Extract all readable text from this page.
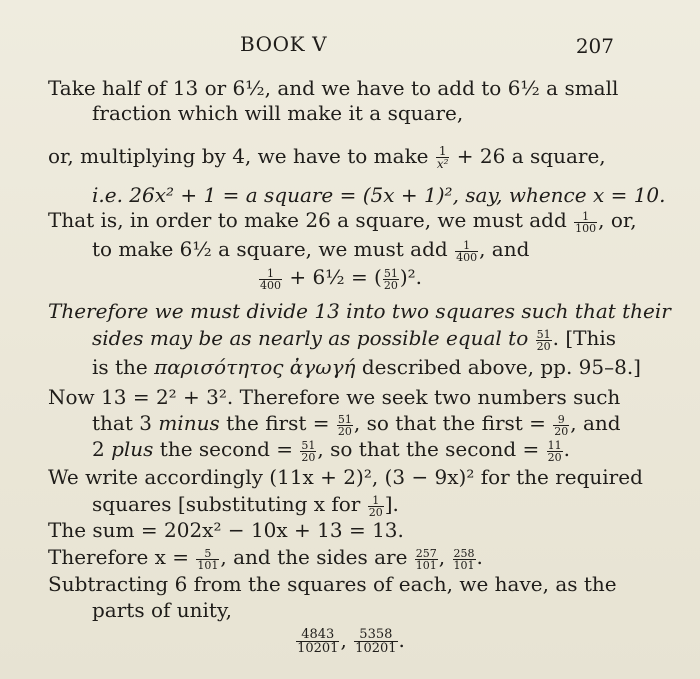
BOOK V	207
Take half of 13 or 6½, and we have to add to 6½ a small
fraction which will make it a square,
or, multiplying by 4, we have to make $\frac{1}{\text{x²}} + 26$ a square,
i.e. 26x² + 1 = a square = (5x + 1)², say, whence x = 10.
That is, in order to make 26 a square, we must add $\frac{1}{100}$ , or,
to make 6½ a square, we must add $\frac{1}{400}$ , and
$\frac{1}{400}$ + 6½ = ( $\frac{51}{20} )^2$.
Therefore we must divide 13 into two squares such that their
sides may be as nearly as possible equal to $\frac{51}{20}$ . [This
is the παρισότητος ἀγωγή described above, pp. 95–8.]
Now 13 = 2² + 3². Therefore we seek two numbers such
that 3 minus the first = $\frac{51}{20}$ , so that the first = $\frac{9}{20}$ , and
2 plus the second = $\frac{51}{20}$ , so that the second = $\frac{11}{20}$ .
We write accordingly (11x + 2)², (3 − 9x)² for the required
squares [substituting x for $\frac{1}{20}$ ].
The sum = 202x² − 10x + 13 = 13.
Therefore $x = \frac{5}{101}$ , and the sides are $\frac{257}{101}$ , $\frac{258}{101}$ .
Subtracting 6 from the squares of each, we have, as the
parts of unity,
$\frac{4843}{10201}$ , $\frac{5358}{10201}$ .
